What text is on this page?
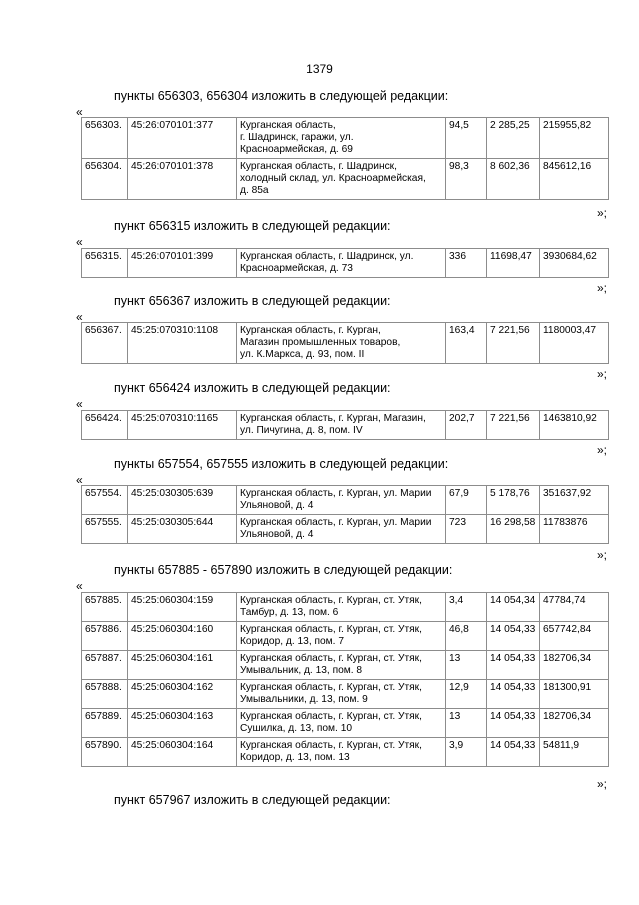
1379
пункты 656303, 656304 изложить в следующей редакции:
«
656303.	45:26:070101:377	Курганская область,
г. Шадринск, гаражи, ул.
Красноармейская, д. 69	94,5	2 285,25	215955,82
656304.	45:26:070101:378	Курганская область, г. Шадринск,
холодный склад, ул. Красноармейская,
д. 85а	98,3	8 602,36	845612,16
»;
пункт 656315 изложить в следующей редакции:
«
656315.	45:26:070101:399	Курганская область, г. Шадринск, ул.
Красноармейская, д. 73	336	11698,47	3930684,62
»;
пункт 656367 изложить в следующей редакции:
«
656367.	45:25:070310:1108	Курганская область, г. Курган,
Магазин промышленных товаров,
ул. К.Маркса, д. 93, пом. II	163,4	7 221,56	1180003,47
»;
пункт 656424 изложить в следующей редакции:
«
656424.	45:25:070310:1165	Курганская область, г. Курган, Магазин,
ул. Пичугина, д. 8, пом. IV	202,7	7 221,56	1463810,92
»;
пункты 657554, 657555 изложить в следующей редакции:
«
657554.	45:25:030305:639	Курганская область, г. Курган, ул. Марии
Ульяновой, д. 4	67,9	5 178,76	351637,92
657555.	45:25:030305:644	Курганская область, г. Курган, ул. Марии
Ульяновой, д. 4	723	16 298,58	11783876
»;
пункты 657885 - 657890 изложить в следующей редакции:
«
657885.	45:25:060304:159	Курганская область, г. Курган, ст. Утяк,
Тамбур, д. 13, пом. 6	3,4	14 054,34	47784,74
657886.	45:25:060304:160	Курганская область, г. Курган, ст. Утяк,
Коридор, д. 13, пом. 7	46,8	14 054,33	657742,84
657887.	45:25:060304:161	Курганская область, г. Курган, ст. Утяк,
Умывальник, д. 13, пом. 8	13	14 054,33	182706,34
657888.	45:25:060304:162	Курганская область, г. Курган, ст. Утяк,
Умывальники, д. 13, пом. 9	12,9	14 054,33	181300,91
657889.	45:25:060304:163	Курганская область, г. Курган, ст. Утяк,
Сушилка, д. 13, пом. 10	13	14 054,33	182706,34
657890.	45:25:060304:164	Курганская область, г. Курган, ст. Утяк,
Коридор, д. 13, пом. 13	3,9	14 054,33	54811,9
»;
пункт 657967 изложить в следующей редакции:
